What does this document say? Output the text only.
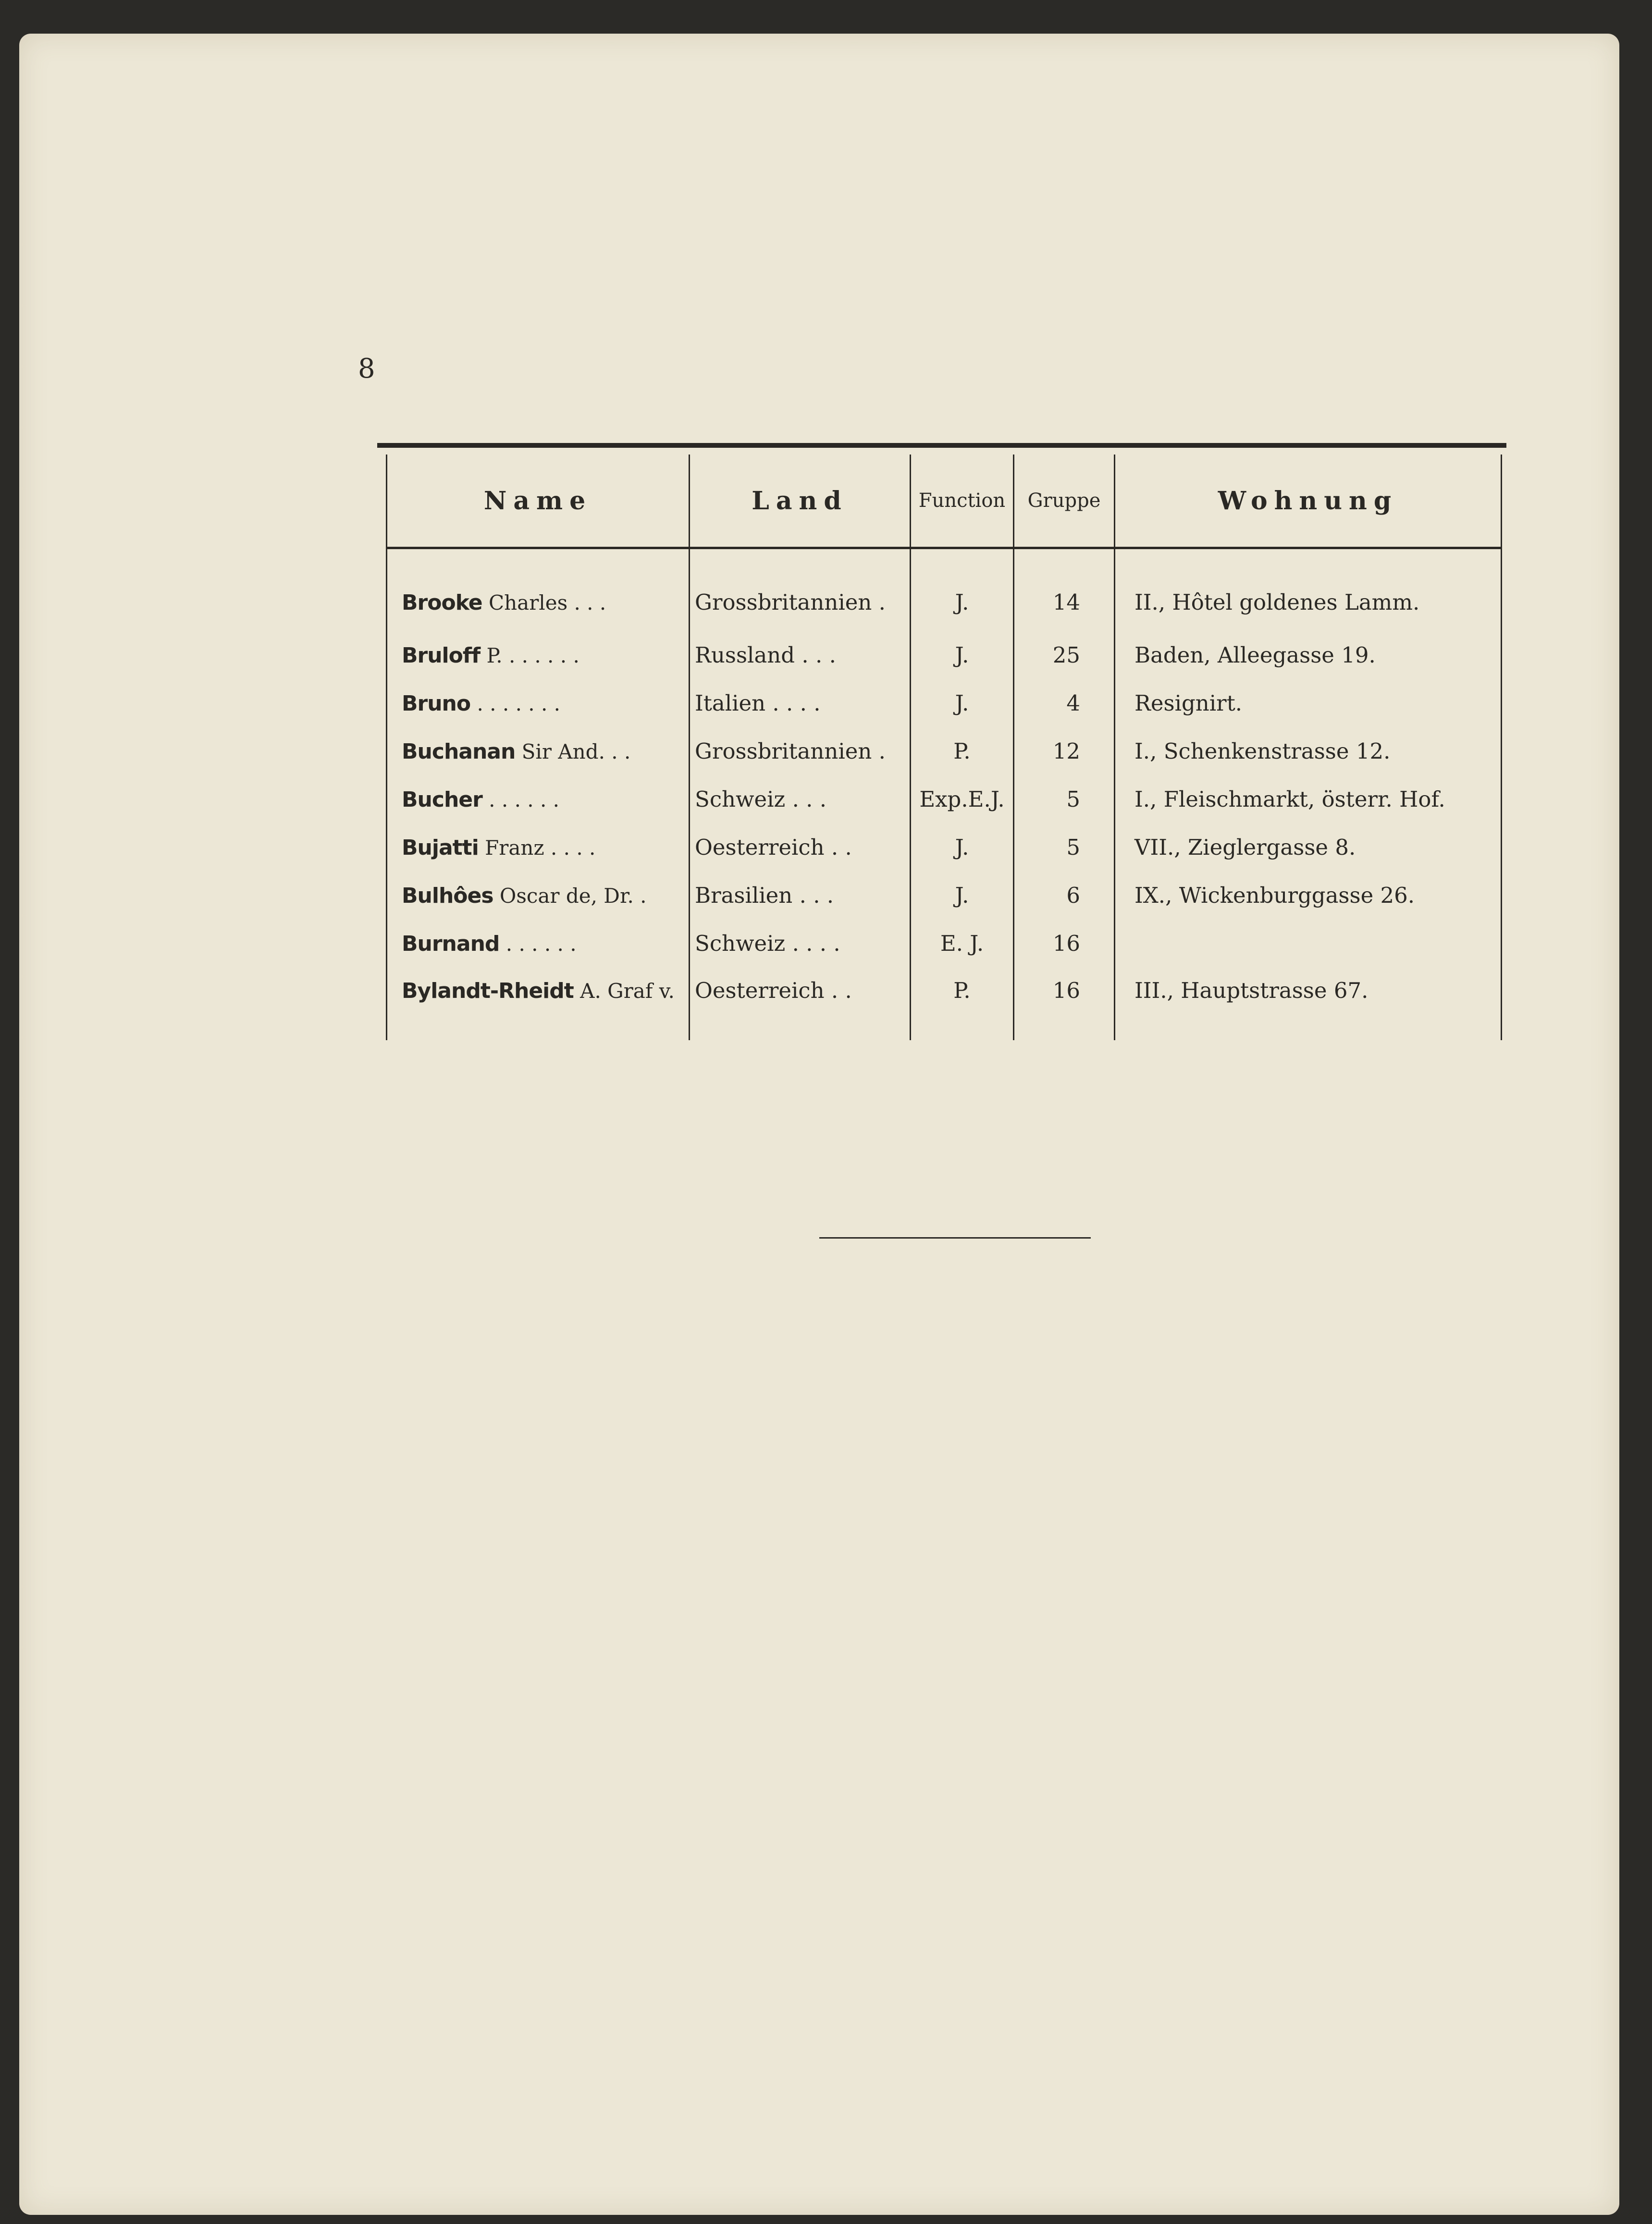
8
Name	Land	Function	Gruppe	Wohnung
Brooke Charles . . .	Grossbritannien .	J.	14	II., Hôtel goldenes Lamm.
Bruloff P. . . . . . .	Russland . . .	J.	25	Baden, Alleegasse 19.
Bruno . . . . . . .	Italien . . . .	J.	4	Resignirt.
Buchanan Sir And. . .	Grossbritannien .	P.	12	I., Schenkenstrasse 12.
Bucher . . . . . .	Schweiz . . .	Exp.E.J.	5	I., Fleischmarkt, österr. Hof.
Bujatti Franz . . . .	Oesterreich . .	J.	5	VII., Zieglergasse 8.
Bulhôes Oscar de, Dr. .	Brasilien . . .	J.	6	IX., Wickenburggasse 26.
Burnand . . . . . .	Schweiz . . . .	E. J.	16	
Bylandt-Rheidt A. Graf v.	Oesterreich . .	P.	16	III., Hauptstrasse 67.
